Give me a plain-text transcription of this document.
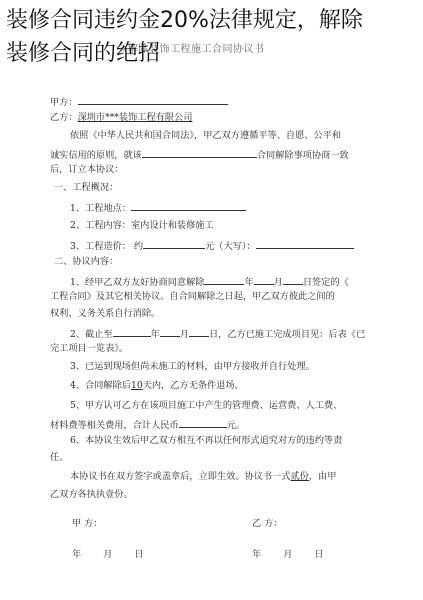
装修合同违约金20%法律规定，解除
装修合同的绝招
解除装饰工程施工合同协议书
甲方：
乙方：深圳市***装饰工程有限公司
依照《中华人民共和国合同法》，甲乙双方遵循平等、自愿、公平和
诚实信用的原则，就该	合同解除事项协商一致
后，订立本协议：
一、工程概况：
1、工程地点：
2、工程内容：室内设计和装修施工
3、工程造价： 约	元（大写）：
二、协议内容：
1、经甲乙双方友好协商同意解除	年 月 日签定的《
工程合同》及其它相关协议。自合同解除之日起，甲乙双方彼此之间的
权利、义务关系自行消除。
2、截止至	年 月 日，乙方已施工完成项目见：后表《已
完工项目一览表》。
3、已运到现场但尚未施工的材料，由甲方接收并自行处理。
4、合同解除后10天内，乙方无条件退场。
5、甲方认可乙方在该项目施工中产生的管理费、运营费、人工费、
材料费等相关费用，合计人民币	元。
6、本协议生效后甲乙双方相互不再以任何形式追究对方的违约等责
任。
本协议书在双方签字或盖章后，立即生效。协议书一式贰份，由甲
乙双方各执执壹份。
甲 方：	乙 方：
年 月 日	年 月 日
